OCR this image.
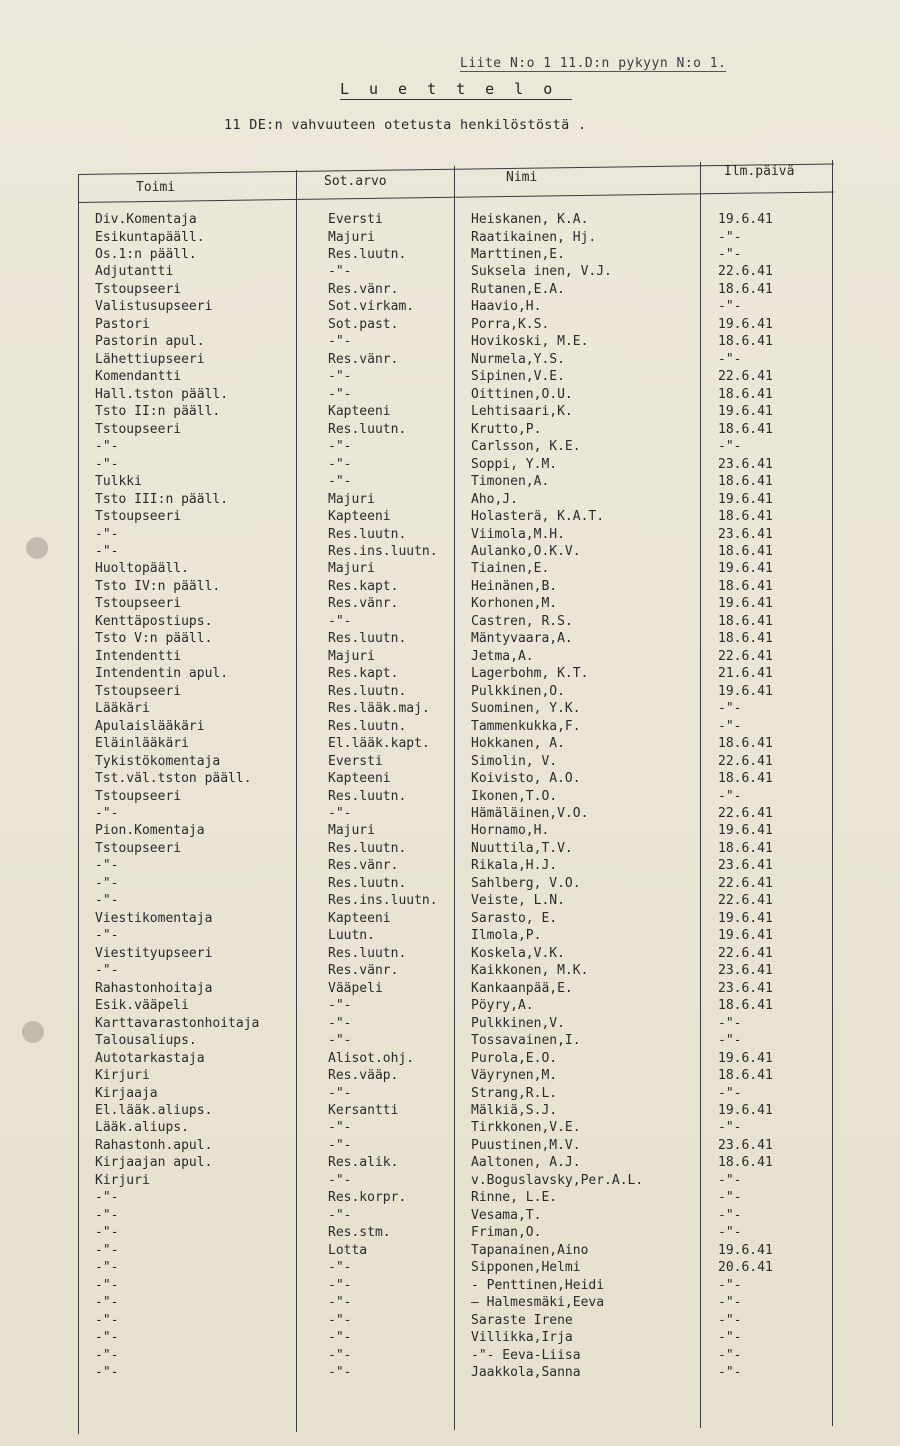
Liite N:o 1 11.D:n pykyyn N:o 1.
Luettelo
11 DE:n vahvuuteen otetusta henkilöstöstä .
Toimi	Sot.arvo	Nimi	Ilm.päivä
Div.Komentaja	Eversti	Heiskanen, K.A.	19.6.41
Esikuntapääll.	Majuri	Raatikainen, Hj.	-"-
Os.1:n pääll.	Res.luutn.	Marttinen,E.	-"-
Adjutantti	-"-	Suksela inen, V.J.	22.6.41
Tstoupseeri	Res.vänr.	Rutanen,E.A.	18.6.41
Valistusupseeri	Sot.virkam.	Haavio,H.	-"-
Pastori	Sot.past.	Porra,K.S.	19.6.41
Pastorin apul.	-"-	Hovikoski, M.E.	18.6.41
Lähettiupseeri	Res.vänr.	Nurmela,Y.S.	-"-
Komendantti	-"-	Sipinen,V.E.	22.6.41
Hall.tston pääll.	-"-	Oittinen,O.U.	18.6.41
Tsto II:n pääll.	Kapteeni	Lehtisaari,K.	19.6.41
Tstoupseeri	Res.luutn.	Krutto,P.	18.6.41
-"-	-"-	Carlsson, K.E.	-"-
-"-	-"-	Soppi, Y.M.	23.6.41
Tulkki	-"-	Timonen,A.	18.6.41
Tsto III:n pääll.	Majuri	Aho,J.	19.6.41
Tstoupseeri	Kapteeni	Holasterä, K.A.T.	18.6.41
-"-	Res.luutn.	Viimola,M.H.	23.6.41
-"-	Res.ins.luutn.	Aulanko,O.K.V.	18.6.41
Huoltopääll.	Majuri	Tiainen,E.	19.6.41
Tsto IV:n pääll.	Res.kapt.	Heinänen,B.	18.6.41
Tstoupseeri	Res.vänr.	Korhonen,M.	19.6.41
Kenttäpostiups.	-"-	Castren, R.S.	18.6.41
Tsto V:n pääll.	Res.luutn.	Mäntyvaara,A.	18.6.41
Intendentti	Majuri	Jetma,A.	22.6.41
Intendentin apul.	Res.kapt.	Lagerbohm, K.T.	21.6.41
Tstoupseeri	Res.luutn.	Pulkkinen,O.	19.6.41
Lääkäri	Res.lääk.maj.	Suominen, Y.K.	-"-
Apulaislääkäri	Res.luutn.	Tammenkukka,F.	-"-
Eläinlääkäri	El.lääk.kapt.	Hokkanen, A.	18.6.41
Tykistökomentaja	Eversti	Simolin, V.	22.6.41
Tst.väl.tston pääll.	Kapteeni	Koivisto, A.O.	18.6.41
Tstoupseeri	Res.luutn.	Ikonen,T.O.	-"-
-"-	-"-	Hämäläinen,V.O.	22.6.41
Pion.Komentaja	Majuri	Hornamo,H.	19.6.41
Tstoupseeri	Res.luutn.	Nuuttila,T.V.	18.6.41
-"-	Res.vänr.	Rikala,H.J.	23.6.41
-"-	Res.luutn.	Sahlberg, V.O.	22.6.41
-"-	Res.ins.luutn.	Veiste, L.N.	22.6.41
Viestikomentaja	Kapteeni	Sarasto, E.	19.6.41
-"-	Luutn.	Ilmola,P.	19.6.41
Viestityupseeri	Res.luutn.	Koskela,V.K.	22.6.41
-"-	Res.vänr.	Kaikkonen, M.K.	23.6.41
Rahastonhoitaja	Vääpeli	Kankaanpää,E.	23.6.41
Esik.vääpeli	-"-	Pöyry,A.	18.6.41
Karttavarastonhoitaja	-"-	Pulkkinen,V.	-"-
Talousaliups.	-"-	Tossavainen,I.	-"-
Autotarkastaja	Alisot.ohj.	Purola,E.O.	19.6.41
Kirjuri	Res.vääp.	Väyrynen,M.	18.6.41
Kirjaaja	-"-	Strang,R.L.	-"-
El.lääk.aliups.	Kersantti	Mälkiä,S.J.	19.6.41
Lääk.aliups.	-"-	Tirkkonen,V.E.	-"-
Rahastonh.apul.	-"-	Puustinen,M.V.	23.6.41
Kirjaajan apul.	Res.alik.	Aaltonen, A.J.	18.6.41
Kirjuri	-"-	v.Boguslavsky,Per.A.L.	-"-
-"-	Res.korpr.	Rinne, L.E.	-"-
-"-	-"-	Vesama,T.	-"-
-"-	Res.stm.	Friman,O.	-"-
-"-	Lotta	Tapanainen,Aino	19.6.41
-"-	-"-	Sipponen,Helmi	20.6.41
-"-	-"-	- Penttinen,Heidi	-"-
-"-	-"-	— Halmesmäki,Eeva	-"-
-"-	-"-	Saraste Irene	-"-
-"-	-"-	Villikka,Irja	-"-
-"-	-"-	-"- Eeva-Liisa	-"-
-"-	-"-	Jaakkola,Sanna	-"-
